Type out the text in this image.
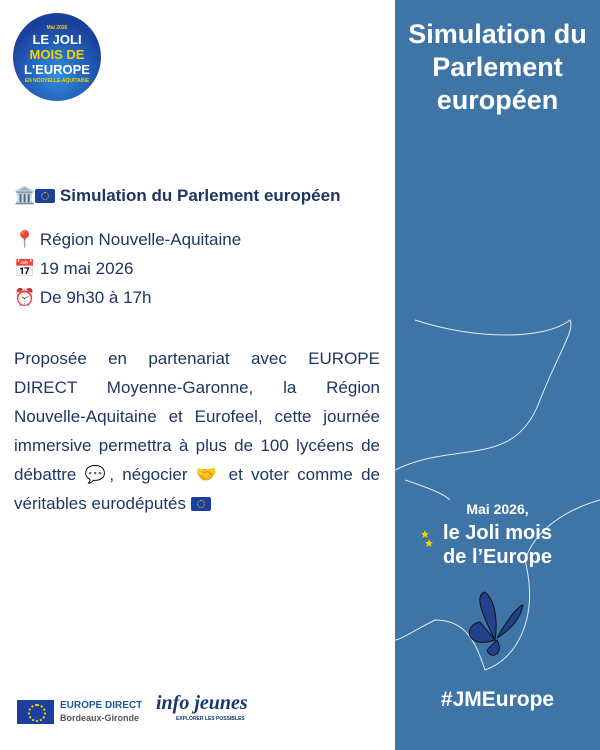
Mai 2026
LE JOLI
MOIS DE
L'EUROPE
EN NOUVELLE-AQUITAINE
🏛️ Simulation du Parlement européen
📍 Région Nouvelle-Aquitaine
📅 19 mai 2026
⏰ De 9h30 à 17h

Proposée en partenariat avec EUROPE DIRECT Moyenne-Garonne, la Région Nouvelle-Aquitaine et Eurofeel, cette journée immersive permettra à plus de 100 lycéens de débattre 💬, négocier 🤝 et voter comme de véritables eurodéputés

EUROPE DIRECT
Bordeaux-Gironde
info jeunes
EXPLORER LES POSSIBLES
Mai 2026,
le Joli mois de l’Europe
Simulation du Parlement européen
#JMEurope
